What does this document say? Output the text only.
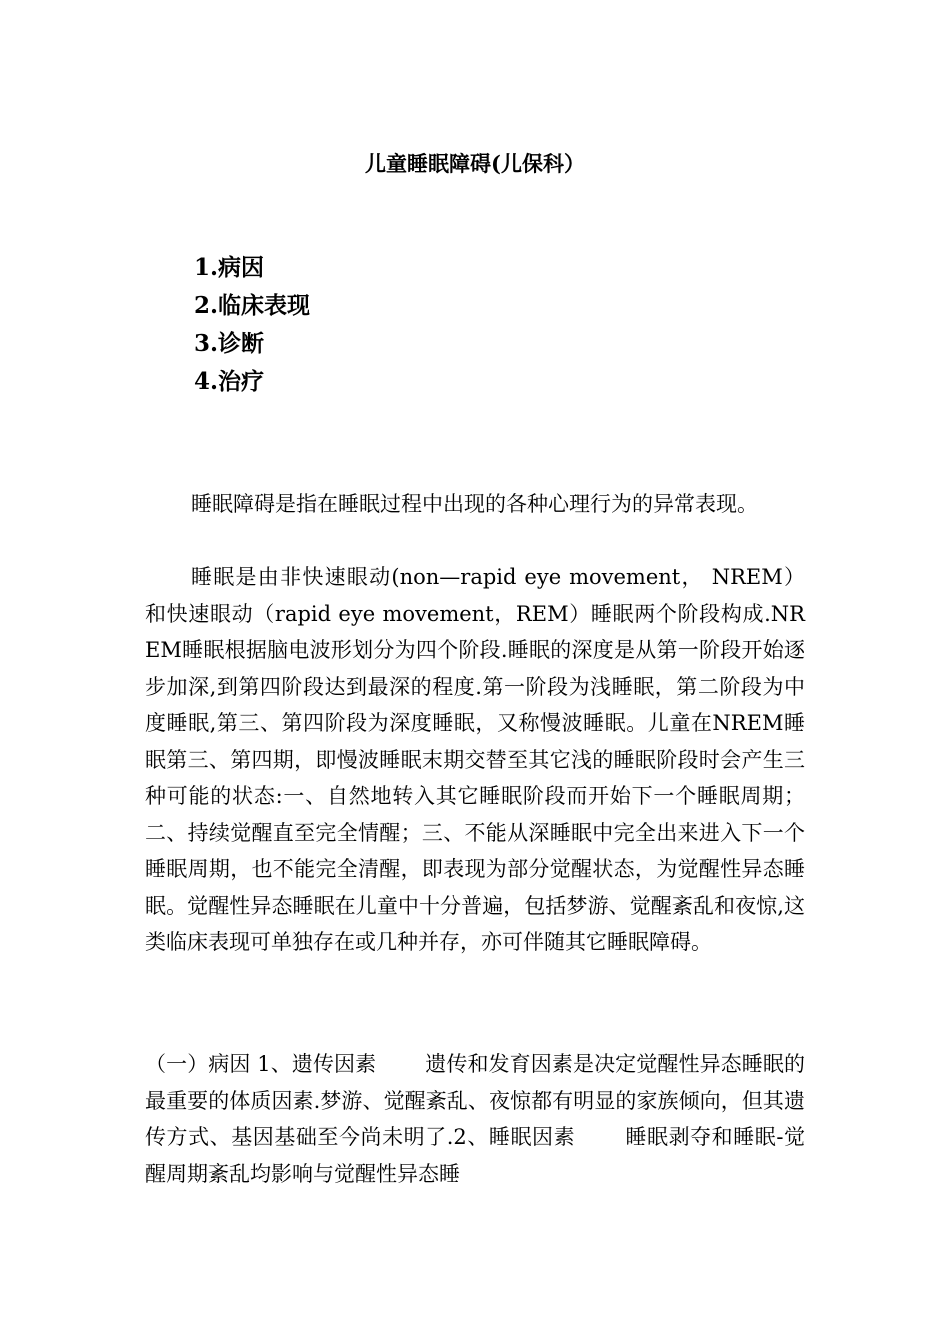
儿童睡眠障碍(儿保科）
1.病因
2.临床表现
3.诊断
4.治疗

睡眠障碍是指在睡眠过程中出现的各种心理行为的异常表现。

睡眠是由非快速眼动(non—rapid eye movement， NREM）和快速眼动（rapid eye movement，REM）睡眠两个阶段构成.NREM睡眠根据脑电波形划分为四个阶段.睡眠的深度是从第一阶段开始逐步加深,到第四阶段达到最深的程度.第一阶段为浅睡眠，第二阶段为中度睡眠,第三、第四阶段为深度睡眠，又称慢波睡眠。儿童在NREM睡眠第三、第四期，即慢波睡眠末期交替至其它浅的睡眠阶段时会产生三种可能的状态:一、自然地转入其它睡眠阶段而开始下一个睡眠周期；二、持续觉醒直至完全情醒；三、不能从深睡眠中完全出来进入下一个睡眠周期，也不能完全清醒，即表现为部分觉醒状态，为觉醒性异态睡眠。觉醒性异态睡眠在儿童中十分普遍，包括梦游、觉醒紊乱和夜惊,这类临床表现可单独存在或几种并存，亦可伴随其它睡眠障碍。

（一）病因 1、遗传因素　　 遗传和发育因素是决定觉醒性异态睡眠的最重要的体质因素.梦游、觉醒紊乱、夜惊都有明显的家族倾向，但其遗传方式、基因基础至今尚未明了.2、睡眠因素　　 睡眠剥夺和睡眠-觉醒周期紊乱均影响与觉醒性异态睡
